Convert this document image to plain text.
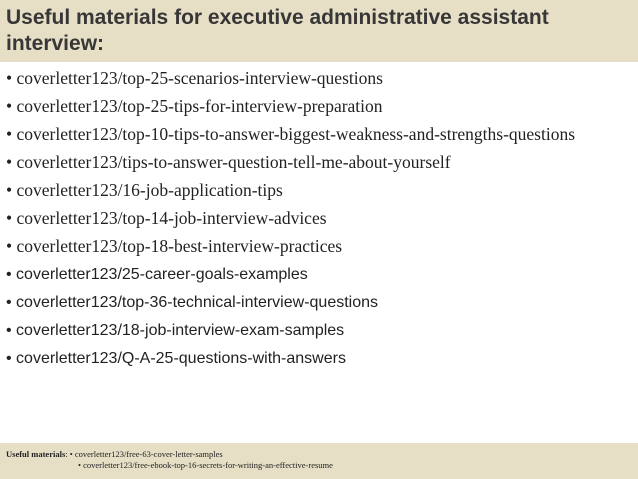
Useful materials for executive administrative assistant interview:
• coverletter123/top-25-scenarios-interview-questions
• coverletter123/top-25-tips-for-interview-preparation
• coverletter123/top-10-tips-to-answer-biggest-weakness-and-strengths-questions
• coverletter123/tips-to-answer-question-tell-me-about-yourself
• coverletter123/16-job-application-tips
• coverletter123/top-14-job-interview-advices
• coverletter123/top-18-best-interview-practices
• coverletter123/25-career-goals-examples
• coverletter123/top-36-technical-interview-questions
• coverletter123/18-job-interview-exam-samples
• coverletter123/Q-A-25-questions-with-answers
Useful materials: • coverletter123/free-63-cover-letter-samples
• coverletter123/free-ebook-top-16-secrets-for-writing-an-effective-resume
